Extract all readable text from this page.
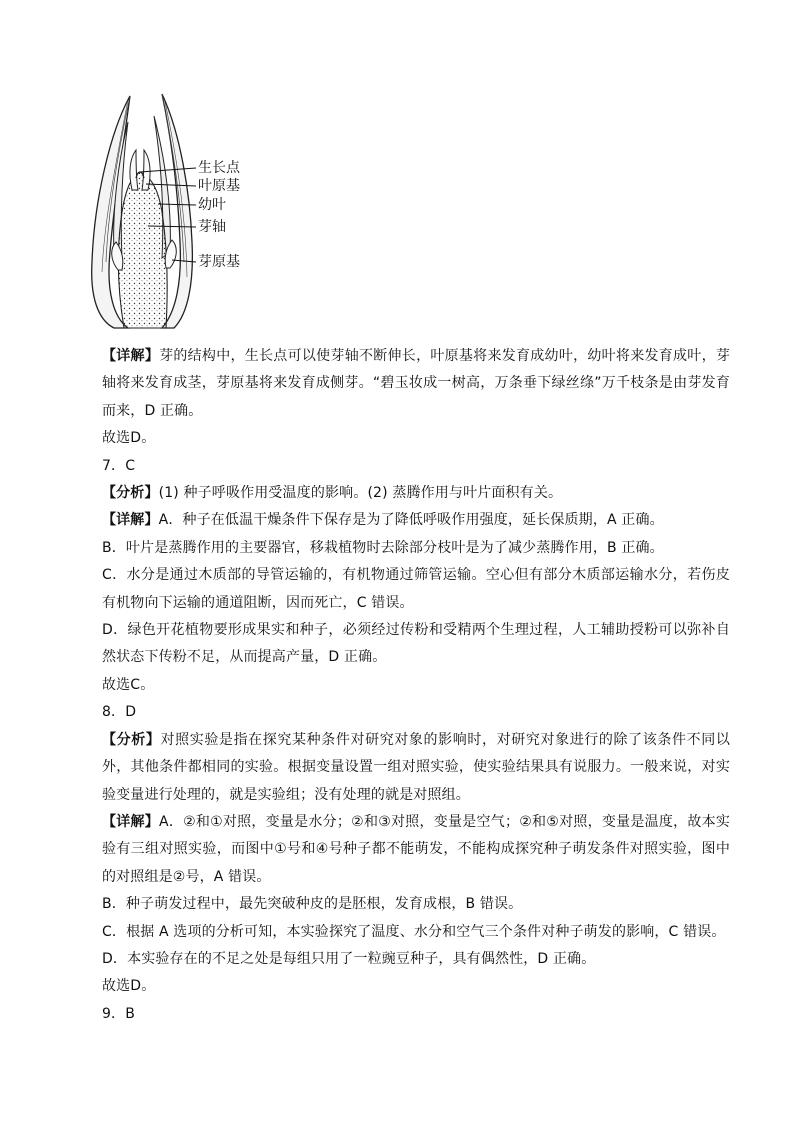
生长点
叶原基
幼叶
芽轴
芽原基

【详解】芽的结构中，生长点可以使芽轴不断伸长，叶原基将来发育成幼叶，幼叶将来发育成叶，芽轴将来发育成茎，芽原基将来发育成侧芽。“碧玉妆成一树高，万条垂下绿丝绦”万千枝条是由芽发育而来，D 正确。

故选D。

7．C

【分析】(1) 种子呼吸作用受温度的影响。(2) 蒸腾作用与叶片面积有关。

【详解】A．种子在低温干燥条件下保存是为了降低呼吸作用强度，延长保质期，A 正确。

B．叶片是蒸腾作用的主要器官，移栽植物时去除部分枝叶是为了减少蒸腾作用，B 正确。

C．水分是通过木质部的导管运输的，有机物通过筛管运输。空心但有部分木质部运输水分，若伤皮有机物向下运输的通道阻断，因而死亡，C 错误。

D．绿色开花植物要形成果实和种子，必须经过传粉和受精两个生理过程，人工辅助授粉可以弥补自然状态下传粉不足，从而提高产量，D 正确。

故选C。

8．D

【分析】对照实验是指在探究某种条件对研究对象的影响时，对研究对象进行的除了该条件不同以外，其他条件都相同的实验。根据变量设置一组对照实验，使实验结果具有说服力。一般来说，对实验变量进行处理的，就是实验组；没有处理的就是对照组。

【详解】A．②和①对照，变量是水分；②和③对照，变量是空气；②和⑤对照，变量是温度，故本实验有三组对照实验，而图中①号和④号种子都不能萌发，不能构成探究种子萌发条件对照实验，图中的对照组是②号，A 错误。

B．种子萌发过程中，最先突破种皮的是胚根，发育成根，B 错误。

C．根据 A 选项的分析可知，本实验探究了温度、水分和空气三个条件对种子萌发的影响，C 错误。

D．本实验存在的不足之处是每组只用了一粒豌豆种子，具有偶然性，D 正确。

故选D。

9．B
